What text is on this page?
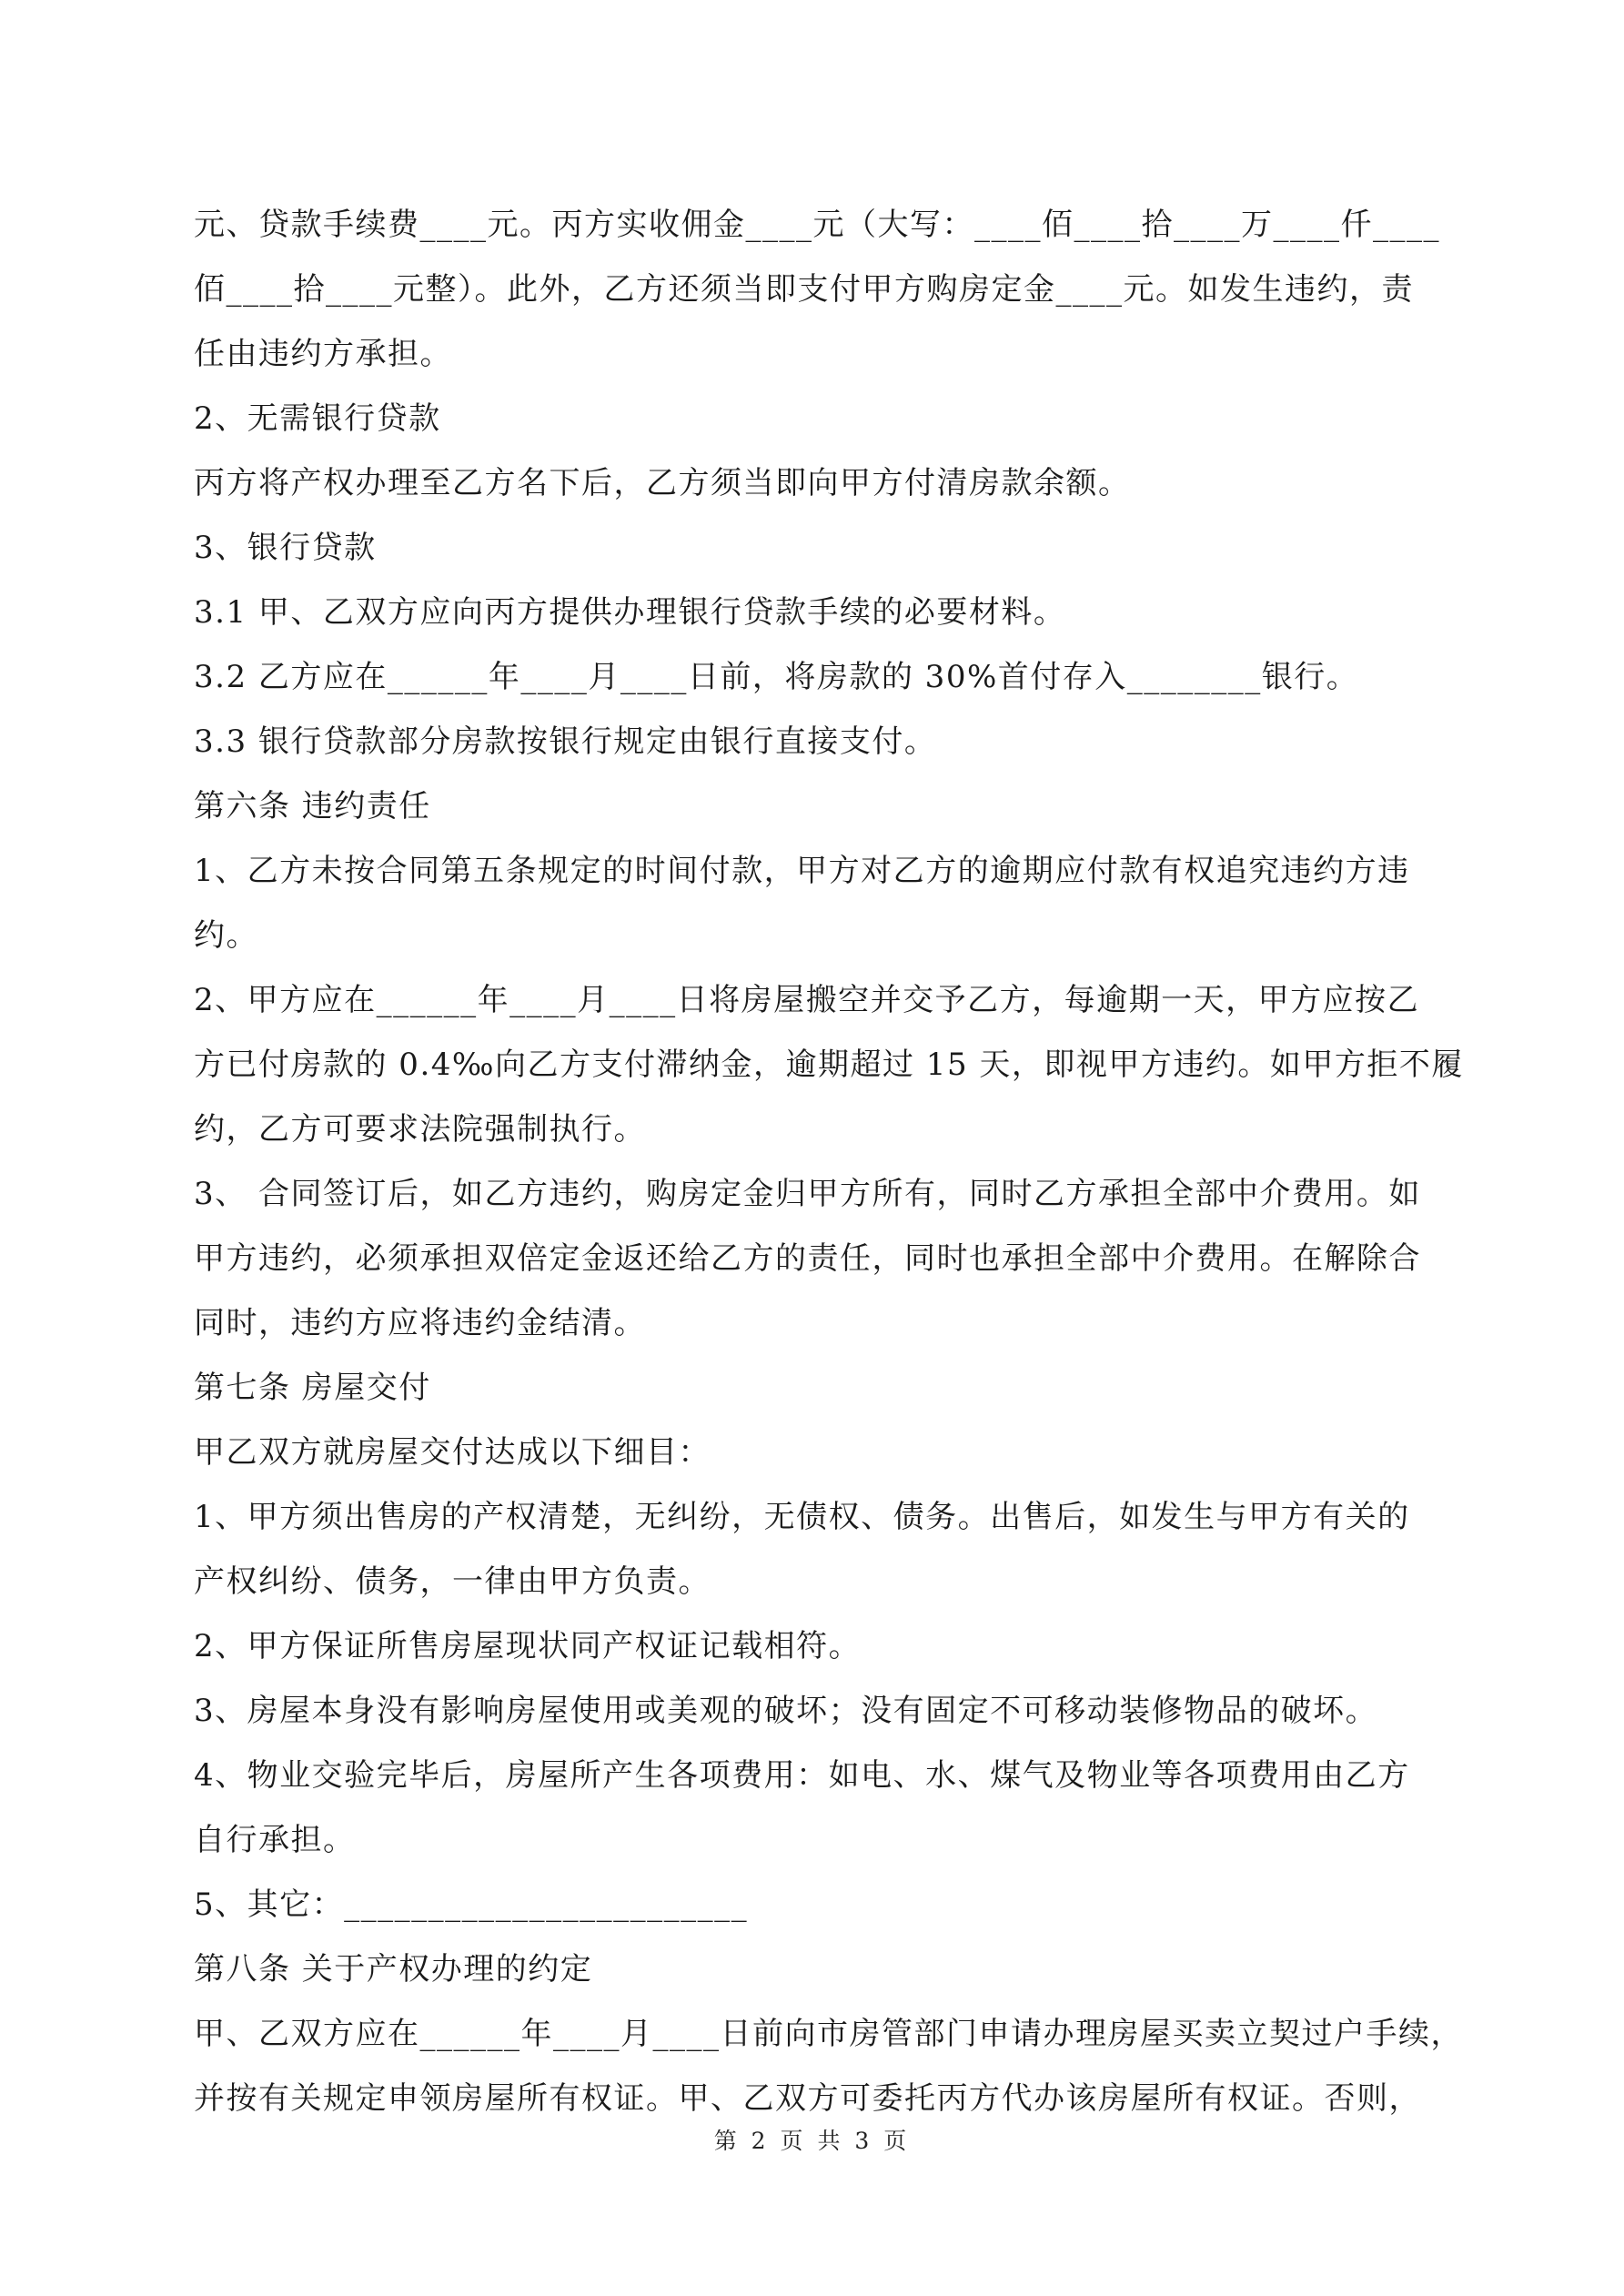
元、贷款手续费____元。丙方实收佣金____元（大写：____佰____拾____万____仟____
佰____拾____元整）。此外，乙方还须当即支付甲方购房定金____元。如发生违约，责
任由违约方承担。
2、无需银行贷款
丙方将产权办理至乙方名下后，乙方须当即向甲方付清房款余额。
3、银行贷款
3.1 甲、乙双方应向丙方提供办理银行贷款手续的必要材料。
3.2 乙方应在______年____月____日前，将房款的 30%首付存入________银行。
3.3 银行贷款部分房款按银行规定由银行直接支付。
第六条 违约责任
1、乙方未按合同第五条规定的时间付款，甲方对乙方的逾期应付款有权追究违约方违
约。
2、甲方应在______年____月____日将房屋搬空并交予乙方，每逾期一天，甲方应按乙
方已付房款的 0.4‰向乙方支付滞纳金，逾期超过 15 天，即视甲方违约。如甲方拒不履
约，乙方可要求法院强制执行。
3、 合同签订后，如乙方违约，购房定金归甲方所有，同时乙方承担全部中介费用。如
甲方违约，必须承担双倍定金返还给乙方的责任，同时也承担全部中介费用。在解除合
同时，违约方应将违约金结清。
第七条 房屋交付
甲乙双方就房屋交付达成以下细目：
1、甲方须出售房的产权清楚，无纠纷，无债权、债务。出售后，如发生与甲方有关的
产权纠纷、债务，一律由甲方负责。
2、甲方保证所售房屋现状同产权证记载相符。
3、房屋本身没有影响房屋使用或美观的破坏；没有固定不可移动装修物品的破坏。
4、物业交验完毕后，房屋所产生各项费用：如电、水、煤气及物业等各项费用由乙方
自行承担。
5、其它：________________________
第八条 关于产权办理的约定
甲、乙双方应在______年____月____日前向市房管部门申请办理房屋买卖立契过户手续，
并按有关规定申领房屋所有权证。甲、乙双方可委托丙方代办该房屋所有权证。否则，
第 2 页 共 3 页
